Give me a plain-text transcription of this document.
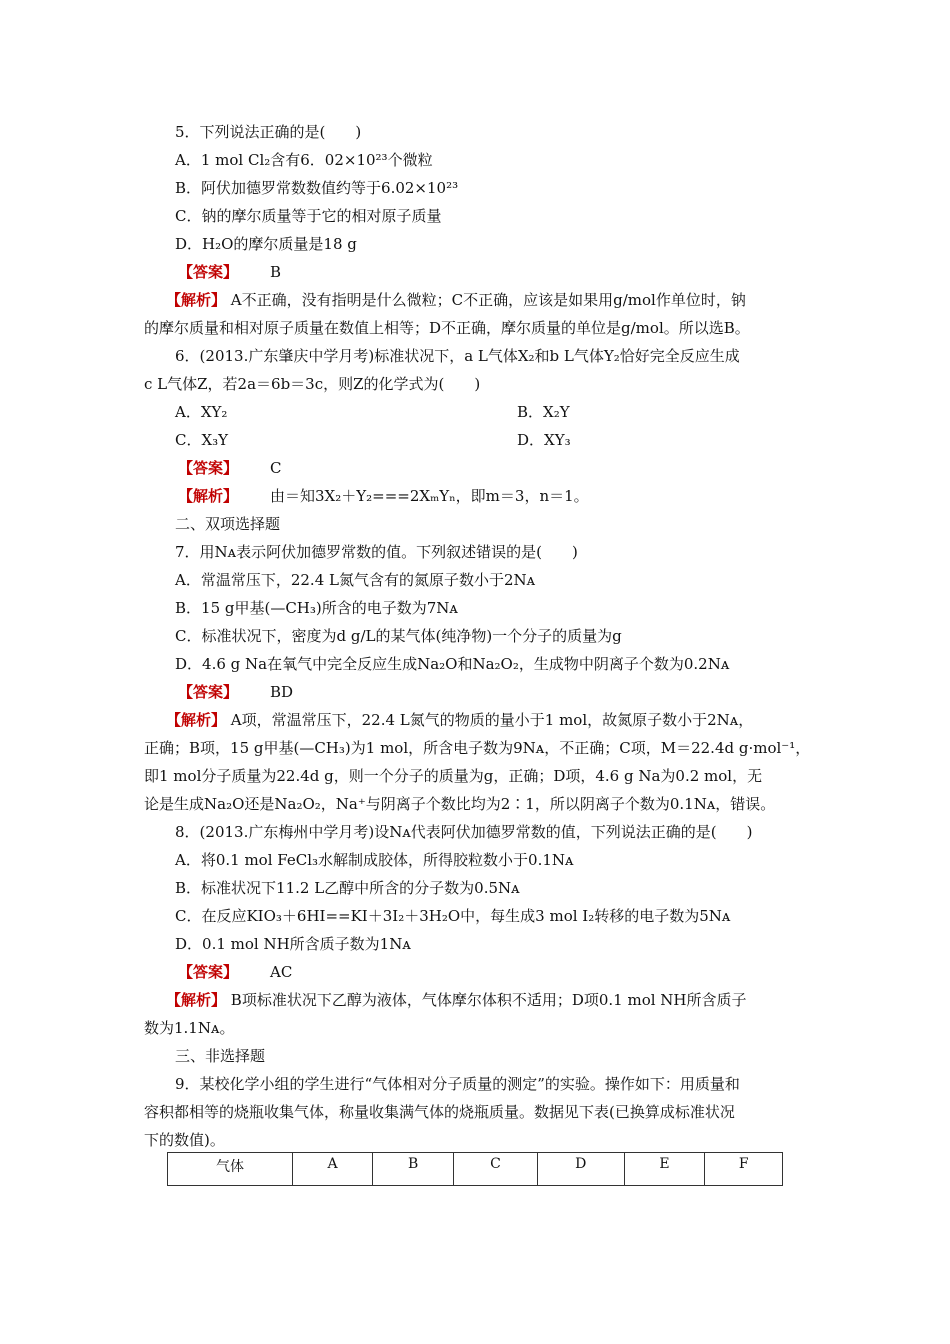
5．下列说法正确的是(　　)
A．1 mol Cl₂含有6．02×10²³个微粒
B．阿伏加德罗常数数值约等于6.02×10²³
C．钠的摩尔质量等于它的相对原子质量
D．H₂O的摩尔质量是18 g
【答案】 B
【解析】 A不正确，没有指明是什么微粒；C不正确，应该是如果用g/mol作单位时，钠
的摩尔质量和相对原子质量在数值上相等；D不正确，摩尔质量的单位是g/mol。所以选B。
6．(2013.广东肇庆中学月考)标准状况下，a L气体X₂和b L气体Y₂恰好完全反应生成
c L气体Z，若2a＝6b＝3c，则Z的化学式为(　　)
A．XY₂	B．X₂Y
C．X₃Y	D．XY₃
【答案】 C
【解析】 由＝知3X₂＋Y₂===2XₘYₙ，即m＝3，n＝1。
二、双项选择题
7．用Nᴀ表示阿伏加德罗常数的值。下列叙述错误的是(　　)
A．常温常压下，22.4 L氮气含有的氮原子数小于2Nᴀ
B．15 g甲基(—CH₃)所含的电子数为7Nᴀ
C．标准状况下，密度为d g/L的某气体(纯净物)一个分子的质量为g
D．4.6 g Na在氧气中完全反应生成Na₂O和Na₂O₂，生成物中阴离子个数为0.2Nᴀ
【答案】 BD
【解析】 A项，常温常压下，22.4 L氮气的物质的量小于1 mol，故氮原子数小于2Nᴀ，
正确；B项，15 g甲基(—CH₃)为1 mol，所含电子数为9Nᴀ，不正确；C项，M＝22.4d g·mol⁻¹，
即1 mol分子质量为22.4d g，则一个分子的质量为g，正确；D项，4.6 g Na为0.2 mol，无
论是生成Na₂O还是Na₂O₂，Na⁺与阴离子个数比均为2∶1，所以阴离子个数为0.1Nᴀ，错误。
8．(2013.广东梅州中学月考)设Nᴀ代表阿伏加德罗常数的值，下列说法正确的是(　　)
A．将0.1 mol FeCl₃水解制成胶体，所得胶粒数小于0.1Nᴀ
B．标准状况下11.2 L乙醇中所含的分子数为0.5Nᴀ
C．在反应KIO₃＋6HI==KI＋3I₂＋3H₂O中，每生成3 mol I₂转移的电子数为5Nᴀ
D．0.1 mol NH所含质子数为1Nᴀ
【答案】 AC
【解析】 B项标准状况下乙醇为液体，气体摩尔体积不适用；D项0.1 mol NH所含质子
数为1.1Nᴀ。
三、非选择题
9．某校化学小组的学生进行“气体相对分子质量的测定”的实验。操作如下：用质量和
容积都相等的烧瓶收集气体，称量收集满气体的烧瓶质量。数据见下表(已换算成标准状况
下的数值)。
气体	A	B	C	D	E	F
